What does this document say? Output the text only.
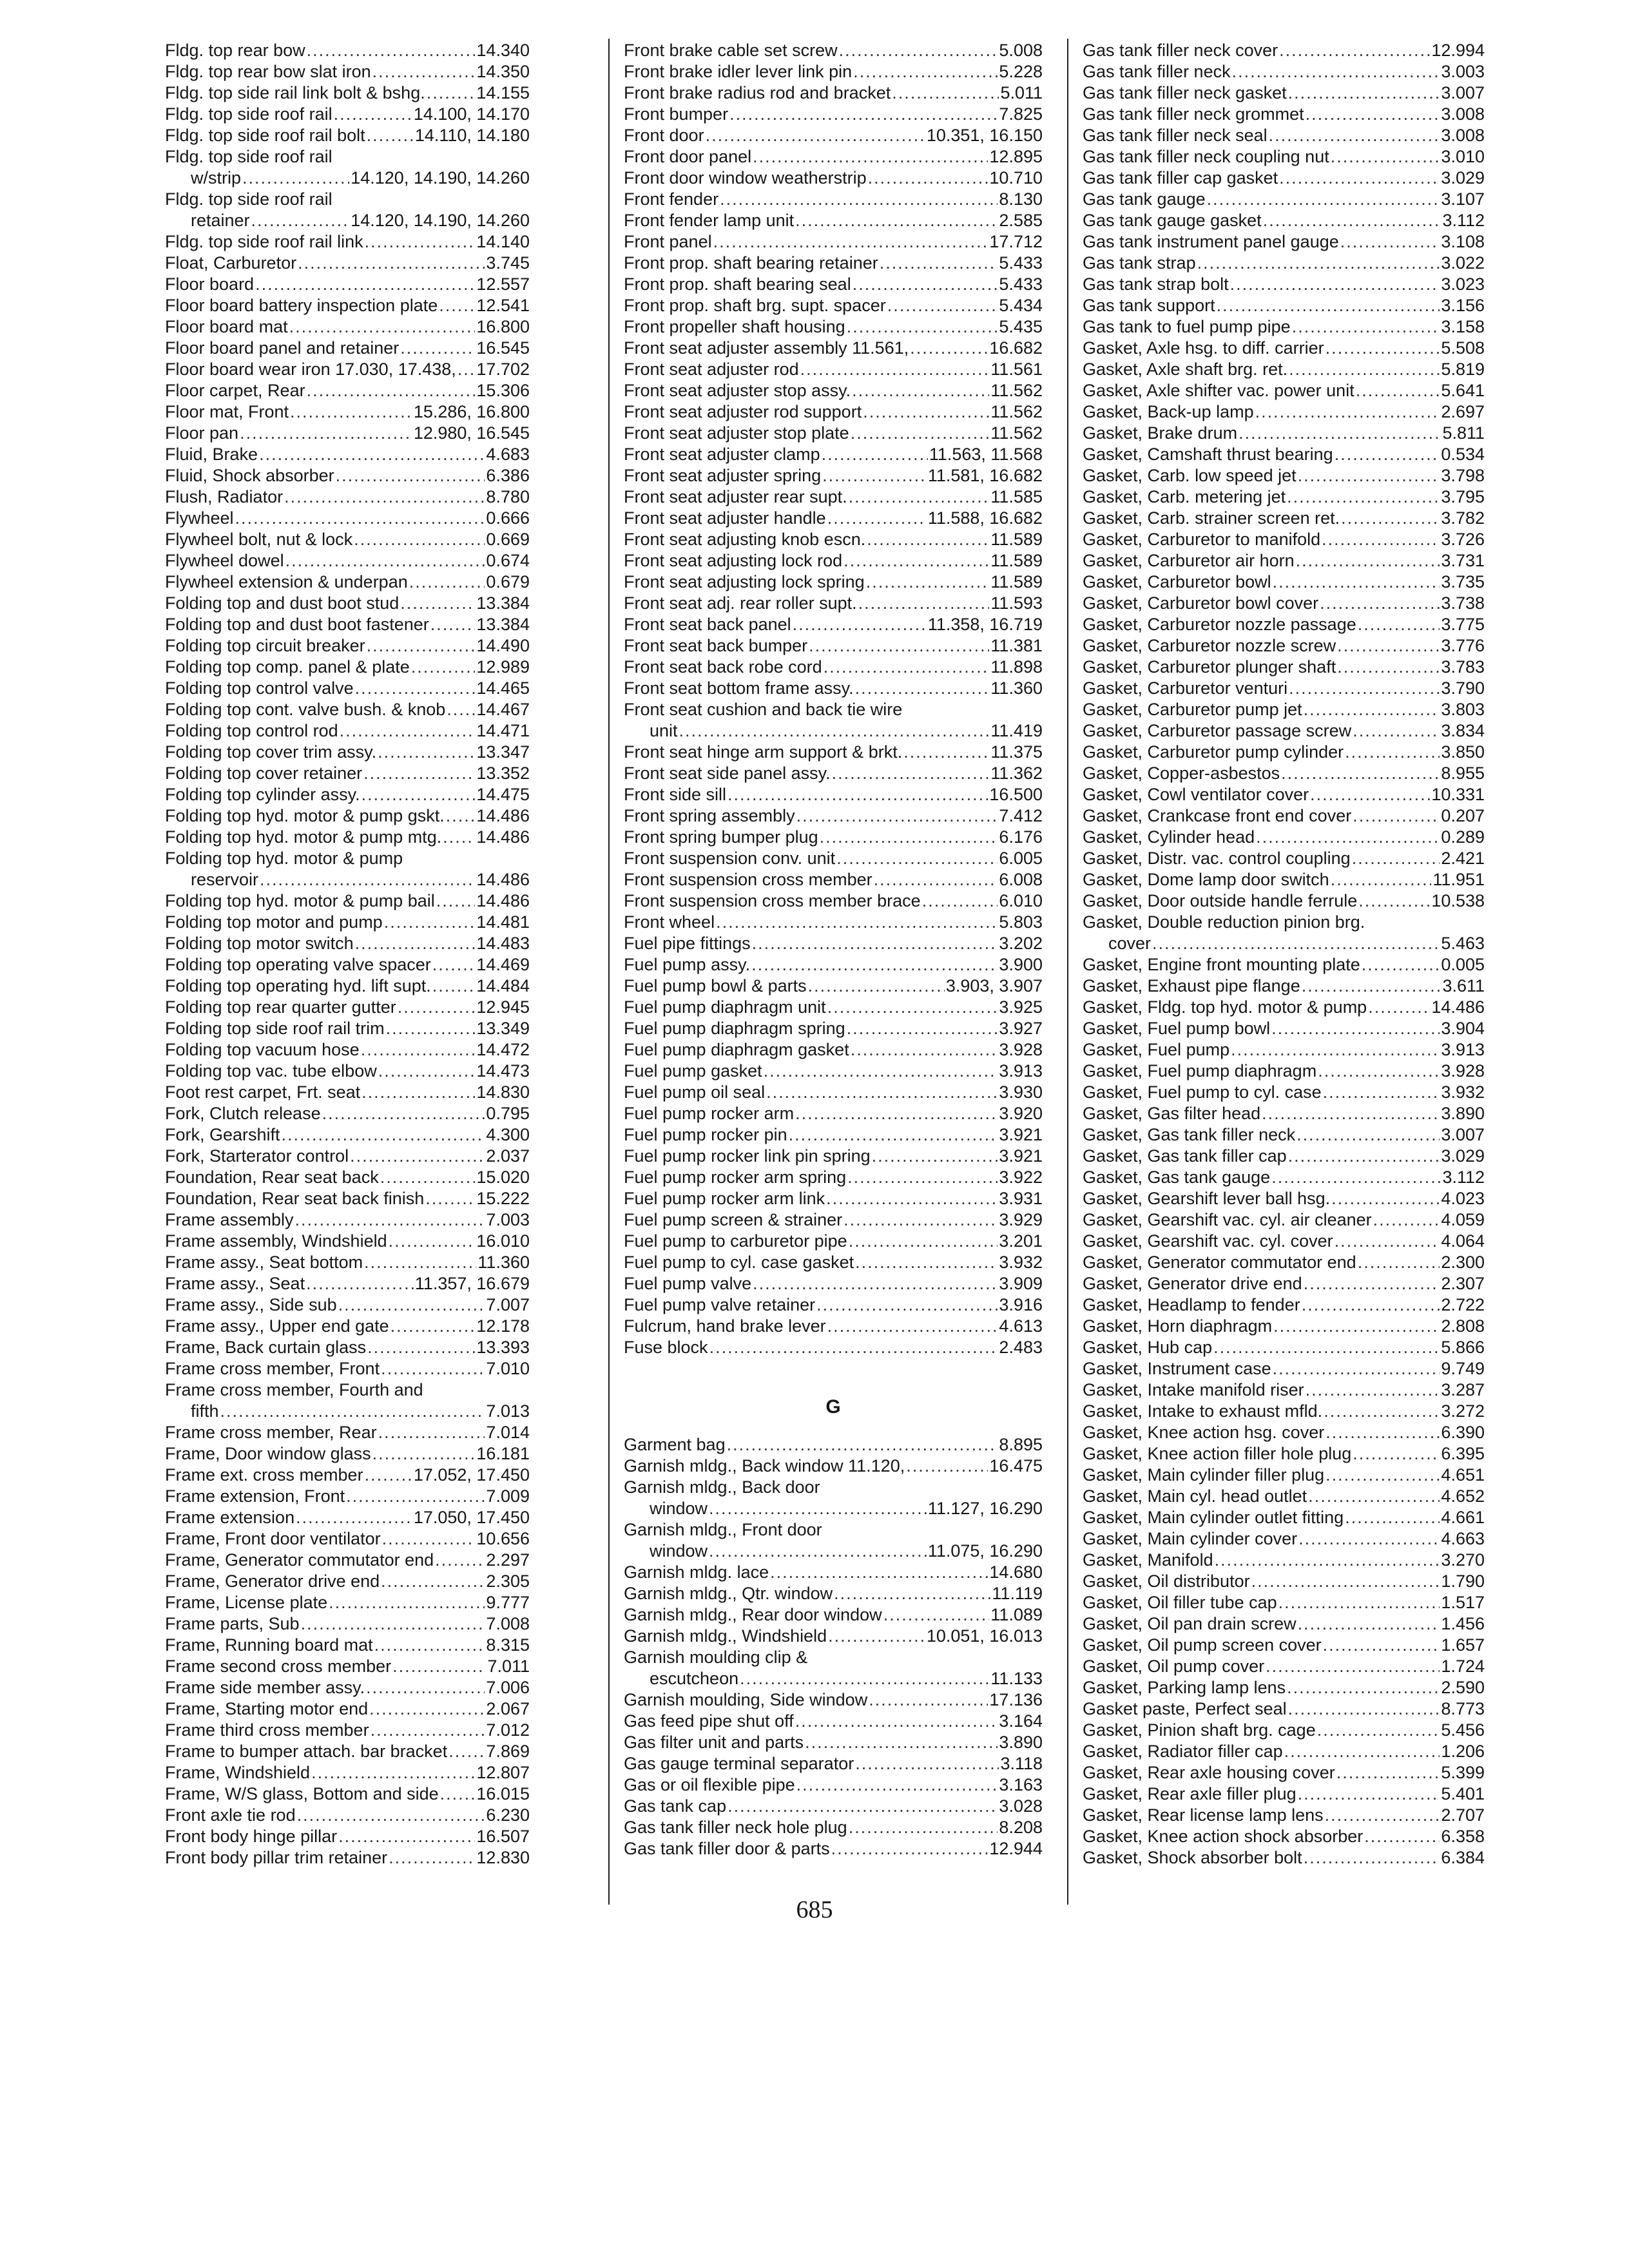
Fldg. top rear bow .....	14.340
Fldg. top rear bow slat iron .....	14.350
Fldg. top side rail link bolt & bshg. .....	14.155
Fldg. top side roof rail .....	14.100, 14.170
Fldg. top side roof rail bolt .....	14.110, 14.180
Fldg. top side roof rail
w/strip .....	14.120, 14.190, 14.260
Fldg. top side roof rail
retainer .....	14.120, 14.190, 14.260
Fldg. top side roof rail link .....	14.140
Float, Carburetor .....	3.745
Floor board .....	12.557
Floor board battery inspection plate ..... 12.541
Floor board mat .....	16.800
Floor board panel and retainer .....	16.545
Floor board wear iron 17.030, 17.438, ..... 17.702
Floor carpet, Rear .....	15.306
Floor mat, Front .....	15.286, 16.800
Floor pan .....	12.980, 16.545
Fluid, Brake .....	4.683
Fluid, Shock absorber .....	6.386
Flush, Radiator .....	8.780
Flywheel .....	0.666
Flywheel bolt, nut & lock .....	0.669
Flywheel dowel .....	0.674
Flywheel extension & underpan .....	0.679
Folding top and dust boot stud .....	13.384
Folding top and dust boot fastener .....	13.384
Folding top circuit breaker .....	14.490
Folding top comp. panel & plate .....	12.989
Folding top control valve .....	14.465
Folding top cont. valve bush. & knob ..... 14.467
Folding top control rod .....	14.471
Folding top cover trim assy. .....	13.347
Folding top cover retainer .....	13.352
Folding top cylinder assy. .....	14.475
Folding top hyd. motor & pump gskt. ..... 14.486
Folding top hyd. motor & pump mtg. ..... 14.486
Folding top hyd. motor & pump
reservoir .....	14.486
Folding top hyd. motor & pump bail ..... 14.486
Folding top motor and pump .....	14.481
Folding top motor switch .....	14.483
Folding top operating valve spacer .....	14.469
Folding top operating hyd. lift supt. .....	14.484
Folding top rear quarter gutter .....	12.945
Folding top side roof rail trim .....	13.349
Folding top vacuum hose .....	14.472
Folding top vac. tube elbow .....	14.473
Foot rest carpet, Frt. seat .....	14.830
Fork, Clutch release .....	0.795
Fork, Gearshift .....	4.300
Fork, Starterator control .....	2.037
Foundation, Rear seat back .....	15.020
Foundation, Rear seat back finish .....	15.222
Frame assembly .....	7.003
Frame assembly, Windshield .....	16.010
Frame assy., Seat bottom .....	11.360
Frame assy., Seat .....	11.357, 16.679
Frame assy., Side sub .....	7.007
Frame assy., Upper end gate .....	12.178
Frame, Back curtain glass .....	13.393
Frame cross member, Front .....	7.010
Frame cross member, Fourth and
fifth .....	7.013
Frame cross member, Rear .....	7.014
Frame, Door window glass .....	16.181
Frame ext. cross member .....	17.052, 17.450
Frame extension, Front .....	7.009
Frame extension .....	17.050, 17.450
Frame, Front door ventilator .....	10.656
Frame, Generator commutator end .....	2.297
Frame, Generator drive end .....	2.305
Frame, License plate .....	9.777
Frame parts, Sub .....	7.008
Frame, Running board mat .....	8.315
Frame second cross member .....	7.011
Frame side member assy. .....	7.006
Frame, Starting motor end .....	2.067
Frame third cross member .....	7.012
Frame to bumper attach. bar bracket ..... 7.869
Frame, Windshield .....	12.807
Frame, W/S glass, Bottom and side ..... 16.015
Front axle tie rod .....	6.230
Front body hinge pillar .....	16.507
Front body pillar trim retainer .....	12.830
Front brake cable set screw .....	5.008
Front brake idler lever link pin .....	5.228
Front brake radius rod and bracket .....	5.011
Front bumper .....	7.825
Front door .....	10.351, 16.150
Front door panel .....	12.895
Front door window weatherstrip .....	10.710
Front fender .....	8.130
Front fender lamp unit .....	2.585
Front panel .....	17.712
Front prop. shaft bearing retainer .....	5.433
Front prop. shaft bearing seal .....	5.433
Front prop. shaft brg. supt. spacer .....	5.434
Front propeller shaft housing .....	5.435
Front seat adjuster assembly 11.561, .....	16.682
Front seat adjuster rod .....	11.561
Front seat adjuster stop assy. .....	11.562
Front seat adjuster rod support .....	11.562
Front seat adjuster stop plate .....	11.562
Front seat adjuster clamp .....	11.563, 11.568
Front seat adjuster spring .....	11.581, 16.682
Front seat adjuster rear supt. .....	11.585
Front seat adjuster handle .....	11.588, 16.682
Front seat adjusting knob escn. .....	11.589
Front seat adjusting lock rod .....	11.589
Front seat adjusting lock spring .....	11.589
Front seat adj. rear roller supt. .....	11.593
Front seat back panel .....	11.358, 16.719
Front seat back bumper .....	11.381
Front seat back robe cord .....	11.898
Front seat bottom frame assy. .....	11.360
Front seat cushion and back tie wire
unit .....	11.419
Front seat hinge arm support & brkt. .....	11.375
Front seat side panel assy. .....	11.362
Front side sill .....	16.500
Front spring assembly .....	7.412
Front spring bumper plug .....	6.176
Front suspension conv. unit .....	6.005
Front suspension cross member .....	6.008
Front suspension cross member brace .....	6.010
Front wheel .....	5.803
Fuel pipe fittings .....	3.202
Fuel pump assy. .....	3.900
Fuel pump bowl & parts .....	3.903, 3.907
Fuel pump diaphragm unit .....	3.925
Fuel pump diaphragm spring .....	3.927
Fuel pump diaphragm gasket .....	3.928
Fuel pump gasket .....	3.913
Fuel pump oil seal .....	3.930
Fuel pump rocker arm .....	3.920
Fuel pump rocker pin .....	3.921
Fuel pump rocker link pin spring .....	3.921
Fuel pump rocker arm spring .....	3.922
Fuel pump rocker arm link .....	3.931
Fuel pump screen & strainer .....	3.929
Fuel pump to carburetor pipe .....	3.201
Fuel pump to cyl. case gasket .....	3.932
Fuel pump valve .....	3.909
Fuel pump valve retainer .....	3.916
Fulcrum, hand brake lever .....	4.613
Fuse block .....	2.483
G
Garment bag .....	8.895
Garnish mldg., Back window 11.120, .....	16.475
Garnish mldg., Back door
window .....	11.127, 16.290
Garnish mldg., Front door
window .....	11.075, 16.290
Garnish mldg. lace .....	14.680
Garnish mldg., Qtr. window .....	11.119
Garnish mldg., Rear door window .....	11.089
Garnish mldg., Windshield .....	10.051, 16.013
Garnish moulding clip &
escutcheon .....	11.133
Garnish moulding, Side window .....	17.136
Gas feed pipe shut off .....	3.164
Gas filter unit and parts .....	3.890
Gas gauge terminal separator .....	3.118
Gas or oil flexible pipe .....	3.163
Gas tank cap .....	3.028
Gas tank filler neck hole plug .....	8.208
Gas tank filler door & parts .....	12.944
Gas tank filler neck cover .....	12.994
Gas tank filler neck .....	3.003
Gas tank filler neck gasket .....	3.007
Gas tank filler neck grommet .....	3.008
Gas tank filler neck seal .....	3.008
Gas tank filler neck coupling nut .....	3.010
Gas tank filler cap gasket .....	3.029
Gas tank gauge .....	3.107
Gas tank gauge gasket .....	3.112
Gas tank instrument panel gauge .....	3.108
Gas tank strap .....	3.022
Gas tank strap bolt .....	3.023
Gas tank support .....	3.156
Gas tank to fuel pump pipe .....	3.158
Gasket, Axle hsg. to diff. carrier .....	5.508
Gasket, Axle shaft brg. ret. .....	5.819
Gasket, Axle shifter vac. power unit .....	5.641
Gasket, Back-up lamp .....	2.697
Gasket, Brake drum .....	5.811
Gasket, Camshaft thrust bearing .....	0.534
Gasket, Carb. low speed jet .....	3.798
Gasket, Carb. metering jet .....	3.795
Gasket, Carb. strainer screen ret. .....	3.782
Gasket, Carburetor to manifold .....	3.726
Gasket, Carburetor air horn .....	3.731
Gasket, Carburetor bowl .....	3.735
Gasket, Carburetor bowl cover .....	3.738
Gasket, Carburetor nozzle passage .....	3.775
Gasket, Carburetor nozzle screw .....	3.776
Gasket, Carburetor plunger shaft .....	3.783
Gasket, Carburetor venturi .....	3.790
Gasket, Carburetor pump jet .....	3.803
Gasket, Carburetor passage screw .....	3.834
Gasket, Carburetor pump cylinder .....	3.850
Gasket, Copper-asbestos .....	8.955
Gasket, Cowl ventilator cover .....	10.331
Gasket, Crankcase front end cover .....	0.207
Gasket, Cylinder head .....	0.289
Gasket, Distr. vac. control coupling .....	2.421
Gasket, Dome lamp door switch .....	11.951
Gasket, Door outside handle ferrule .....	10.538
Gasket, Double reduction pinion brg.
cover .....	5.463
Gasket, Engine front mounting plate .....	0.005
Gasket, Exhaust pipe flange .....	3.611
Gasket, Fldg. top hyd. motor & pump .....	14.486
Gasket, Fuel pump bowl .....	3.904
Gasket, Fuel pump .....	3.913
Gasket, Fuel pump diaphragm .....	3.928
Gasket, Fuel pump to cyl. case .....	3.932
Gasket, Gas filter head .....	3.890
Gasket, Gas tank filler neck .....	3.007
Gasket, Gas tank filler cap .....	3.029
Gasket, Gas tank gauge .....	3.112
Gasket, Gearshift lever ball hsg. .....	4.023
Gasket, Gearshift vac. cyl. air cleaner .....	4.059
Gasket, Gearshift vac. cyl. cover .....	4.064
Gasket, Generator commutator end .....	2.300
Gasket, Generator drive end .....	2.307
Gasket, Headlamp to fender .....	2.722
Gasket, Horn diaphragm .....	2.808
Gasket, Hub cap .....	5.866
Gasket, Instrument case .....	9.749
Gasket, Intake manifold riser .....	3.287
Gasket, Intake to exhaust mfld. .....	3.272
Gasket, Knee action hsg. cover .....	6.390
Gasket, Knee action filler hole plug .....	6.395
Gasket, Main cylinder filler plug .....	4.651
Gasket, Main cyl. head outlet .....	4.652
Gasket, Main cylinder outlet fitting .....	4.661
Gasket, Main cylinder cover .....	4.663
Gasket, Manifold .....	3.270
Gasket, Oil distributor .....	1.790
Gasket, Oil filler tube cap .....	1.517
Gasket, Oil pan drain screw .....	1.456
Gasket, Oil pump screen cover .....	1.657
Gasket, Oil pump cover .....	1.724
Gasket, Parking lamp lens .....	2.590
Gasket paste, Perfect seal .....	8.773
Gasket, Pinion shaft brg. cage .....	5.456
Gasket, Radiator filler cap .....	1.206
Gasket, Rear axle housing cover .....	5.399
Gasket, Rear axle filler plug .....	5.401
Gasket, Rear license lamp lens .....	2.707
Gasket, Knee action shock absorber .....	6.358
Gasket, Shock absorber bolt .....	6.384
685
